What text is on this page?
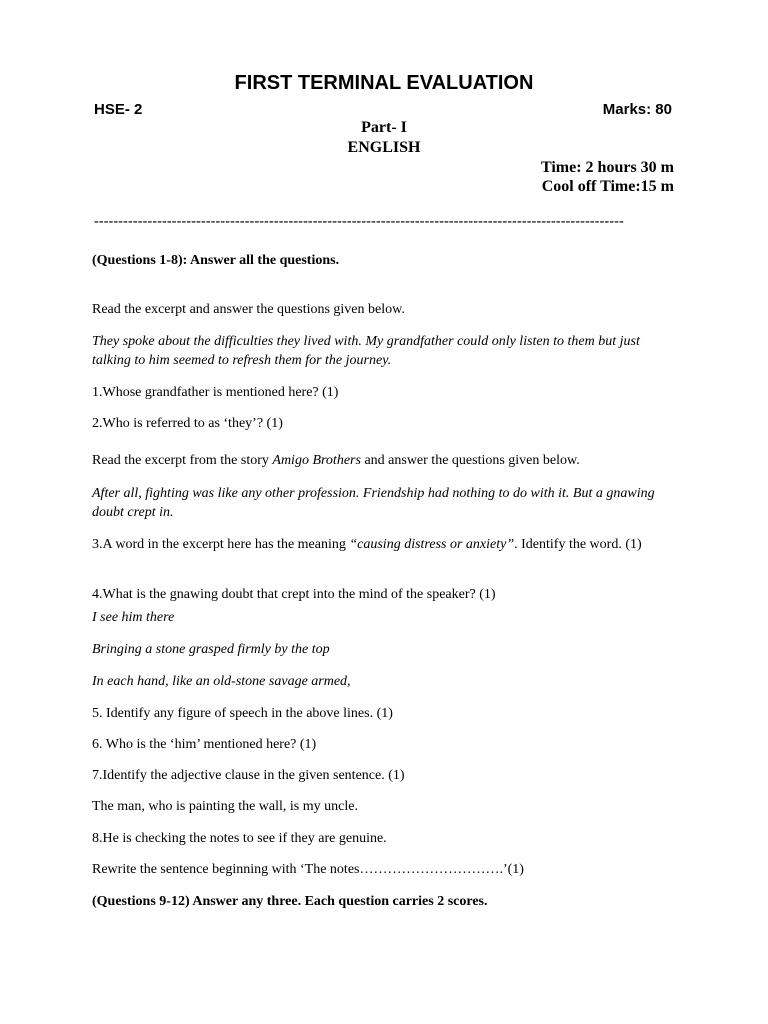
FIRST TERMINAL EVALUATION
HSE- 2	Marks: 80
Part- I
ENGLISH
Time: 2 hours 30 m
Cool off Time:15 m
-------------------------------------------------------------------------------------------------------------
(Questions 1-8): Answer all the questions.
Read the excerpt and answer the questions given below.
They spoke about the difficulties they lived with. My grandfather could only listen to them but just talking to him seemed to refresh them for the journey.
1.Whose grandfather is mentioned here? (1)
2.Who is referred to as ‘they’? (1)
Read the excerpt from the story Amigo Brothers and answer the questions given below.
After all, fighting was like any other profession. Friendship had nothing to do with it. But a gnawing doubt crept in.
3.A word in the excerpt here has the meaning “causing distress or anxiety”. Identify the word. (1)
4.What is the gnawing doubt that crept into the mind of the speaker? (1)
I see him there
Bringing a stone grasped firmly by the top
In each hand, like an old-stone savage armed,
5. Identify any figure of speech in the above lines. (1)
6. Who is the ‘him’ mentioned here? (1)
7.Identify the adjective clause in the given sentence. (1)
The man, who is painting the wall, is my uncle.
8.He is checking the notes to see if they are genuine.
Rewrite the sentence beginning with ‘The notes………………………….’(1)
(Questions 9-12) Answer any three. Each question carries 2 scores.
